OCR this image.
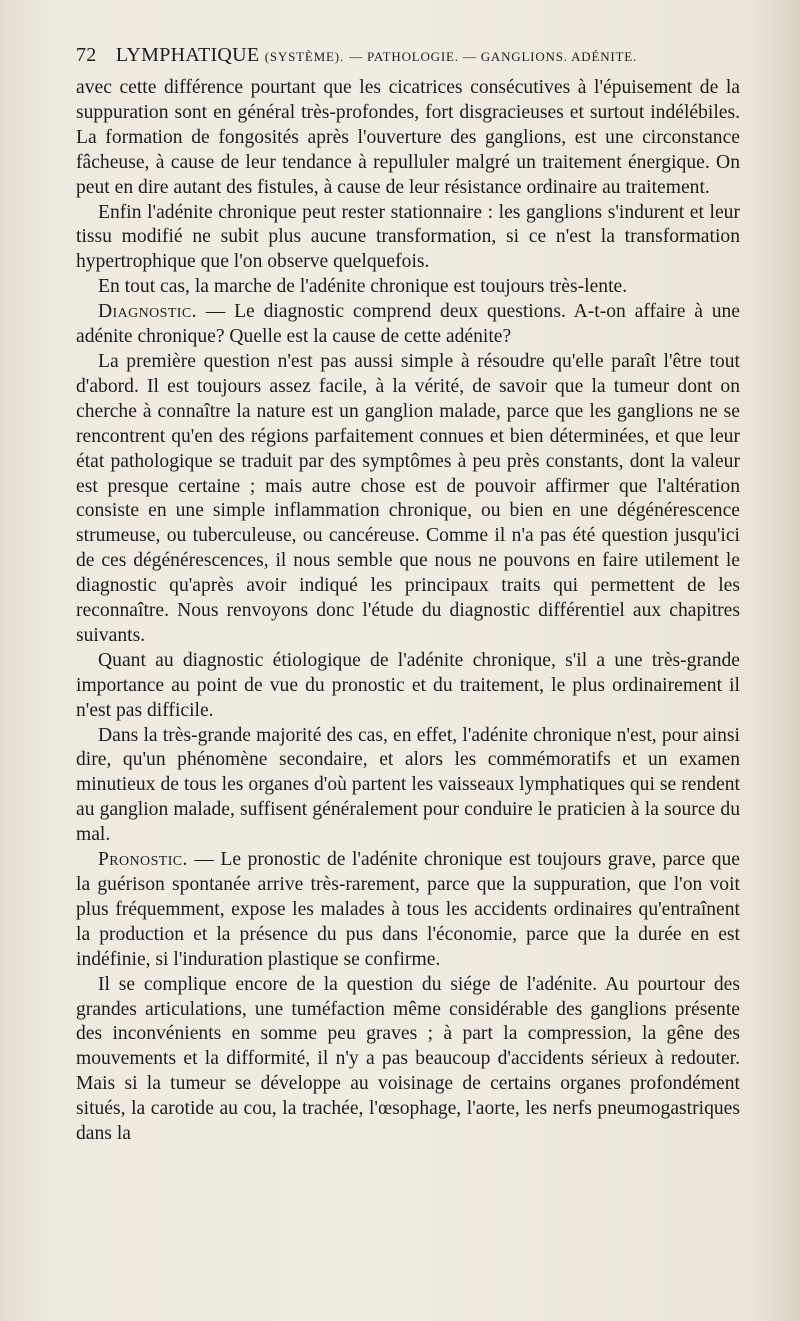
72 LYMPHATIQUE (SYSTÈME). — PATHOLOGIE. — GANGLIONS. ADÉNITE.

avec cette différence pourtant que les cicatrices consécutives à l'épuisement de la suppuration sont en général très-profondes, fort disgracieuses et surtout indélébiles. La formation de fongosités après l'ouverture des ganglions, est une circonstance fâcheuse, à cause de leur tendance à repulluler malgré un traitement énergique. On peut en dire autant des fistules, à cause de leur résistance ordinaire au traitement.

Enfin l'adénite chronique peut rester stationnaire : les ganglions s'indurent et leur tissu modifié ne subit plus aucune transformation, si ce n'est la transformation hypertrophique que l'on observe quelquefois.

En tout cas, la marche de l'adénite chronique est toujours très-lente.

Diagnostic. — Le diagnostic comprend deux questions. A-t-on affaire à une adénite chronique? Quelle est la cause de cette adénite?

La première question n'est pas aussi simple à résoudre qu'elle paraît l'être tout d'abord. Il est toujours assez facile, à la vérité, de savoir que la tumeur dont on cherche à connaître la nature est un ganglion malade, parce que les ganglions ne se rencontrent qu'en des régions parfaitement connues et bien déterminées, et que leur état pathologique se traduit par des symptômes à peu près constants, dont la valeur est presque certaine ; mais autre chose est de pouvoir affirmer que l'altération consiste en une simple inflammation chronique, ou bien en une dégénérescence strumeuse, ou tuberculeuse, ou cancéreuse. Comme il n'a pas été question jusqu'ici de ces dégénérescences, il nous semble que nous ne pouvons en faire utilement le diagnostic qu'après avoir indiqué les principaux traits qui permettent de les reconnaître. Nous renvoyons donc l'étude du diagnostic différentiel aux chapitres suivants.

Quant au diagnostic étiologique de l'adénite chronique, s'il a une très-grande importance au point de vue du pronostic et du traitement, le plus ordinairement il n'est pas difficile.

Dans la très-grande majorité des cas, en effet, l'adénite chronique n'est, pour ainsi dire, qu'un phénomène secondaire, et alors les commémoratifs et un examen minutieux de tous les organes d'où partent les vaisseaux lymphatiques qui se rendent au ganglion malade, suffisent généralement pour conduire le praticien à la source du mal.

Pronostic. — Le pronostic de l'adénite chronique est toujours grave, parce que la guérison spontanée arrive très-rarement, parce que la suppuration, que l'on voit plus fréquemment, expose les malades à tous les accidents ordinaires qu'entraînent la production et la présence du pus dans l'économie, parce que la durée en est indéfinie, si l'induration plastique se confirme.

Il se complique encore de la question du siége de l'adénite. Au pourtour des grandes articulations, une tuméfaction même considérable des ganglions présente des inconvénients en somme peu graves ; à part la compression, la gêne des mouvements et la difformité, il n'y a pas beaucoup d'accidents sérieux à redouter. Mais si la tumeur se développe au voisinage de certains organes profondément situés, la carotide au cou, la trachée, l'œsophage, l'aorte, les nerfs pneumogastriques dans la
